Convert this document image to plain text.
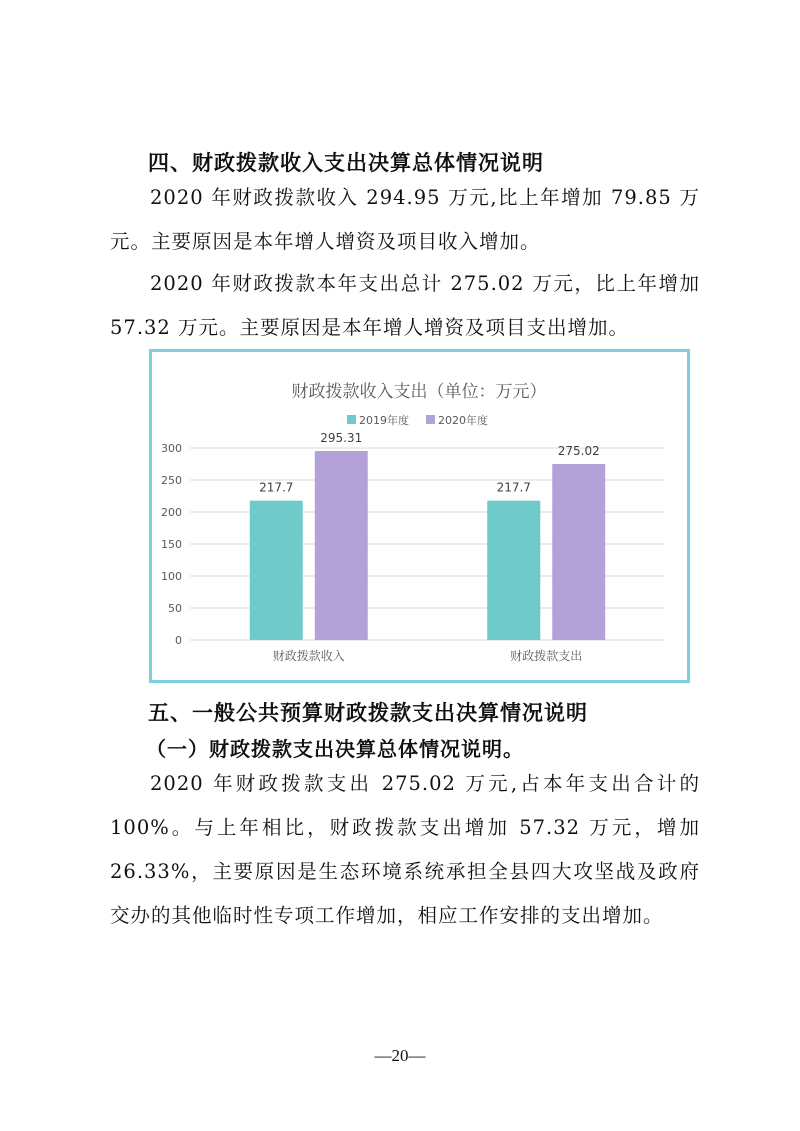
四、财政拨款收入支出决算总体情况说明

2020 年财政拨款收入 294.95 万元,比上年增加 79.85 万元。主要原因是本年增人增资及项目收入增加。

2020 年财政拨款本年支出总计 275.02 万元，比上年增加 57.32 万元。主要原因是本年增人增资及项目支出增加。

财政拨款收入支出（单位：万元）
2019年度	2020年度
0
50
100
150
200
250
300
217.7
295.31
财政拨款收入
217.7
275.02
财政拨款支出
五、一般公共预算财政拨款支出决算情况说明
（一）财政拨款支出决算总体情况说明。

2020 年财政拨款支出 275.02 万元,占本年支出合计的 100%。与上年相比，财政拨款支出增加 57.32 万元，增加 26.33%，主要原因是生态环境系统承担全县四大攻坚战及政府交办的其他临时性专项工作增加，相应工作安排的支出增加。

—20—
